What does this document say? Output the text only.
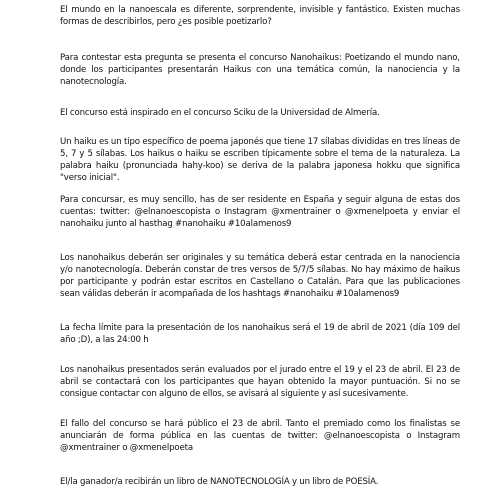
El mundo en la nanoescala es diferente, sorprendente, invisible y fantástico. Existen muchas formas de describirlos, pero ¿es posible poetizarlo?

Para contestar esta pregunta se presenta el concurso Nanohaikus: Poetizando el mundo nano, donde los participantes presentarán Haikus con una temática común, la nanociencia y la nanotecnología.

El concurso está inspirado en el concurso Sciku de la Universidad de Almería.

Un haiku es un tipo específico de poema japonés que tiene 17 sílabas divididas en tres líneas de 5, 7 y 5 sílabas. Los haikus o haiku se escriben típicamente sobre el tema de la naturaleza. La palabra haiku (pronunciada hahy-koo) se deriva de la palabra japonesa hokku que significa "verso inicial".

Para concursar, es muy sencillo, has de ser residente en España y seguir alguna de estas dos cuentas: twitter: @elnanoescopista o Instagram @xmentrainer o @xmenelpoeta y enviar el nanohaiku junto al hasthag #nanohaiku #10alamenos9

Los nanohaikus deberán ser originales y su temática deberá estar centrada en la nanociencia y/o nanotecnología. Deberán constar de tres versos de 5/7/5 sílabas. No hay máximo de haikus por participante y podrán estar escritos en Castellano o Catalán. Para que las publicaciones sean válidas deberán ir acompañada de los hashtags #nanohaiku #10alamenos9

La fecha límite para la presentación de los nanohaikus será el 19 de abril de 2021 (día 109 del año ;D), a las 24:00 h

Los nanohaikus presentados serán evaluados por el jurado entre el 19 y el 23 de abril. El 23 de abril se contactará con los participantes que hayan obtenido la mayor puntuación. Si no se consigue contactar con alguno de ellos, se avisará al siguiente y así sucesivamente.

El fallo del concurso se hará público el 23 de abril. Tanto el premiado como los finalistas se anunciarán de forma pública en las cuentas de twitter: @elnanoescopista o Instagram @xmentrainer o @xmenelpoeta

El/la ganador/a recibirán un libro de NANOTECNOLOGÍA y un libro de POESÍA.
